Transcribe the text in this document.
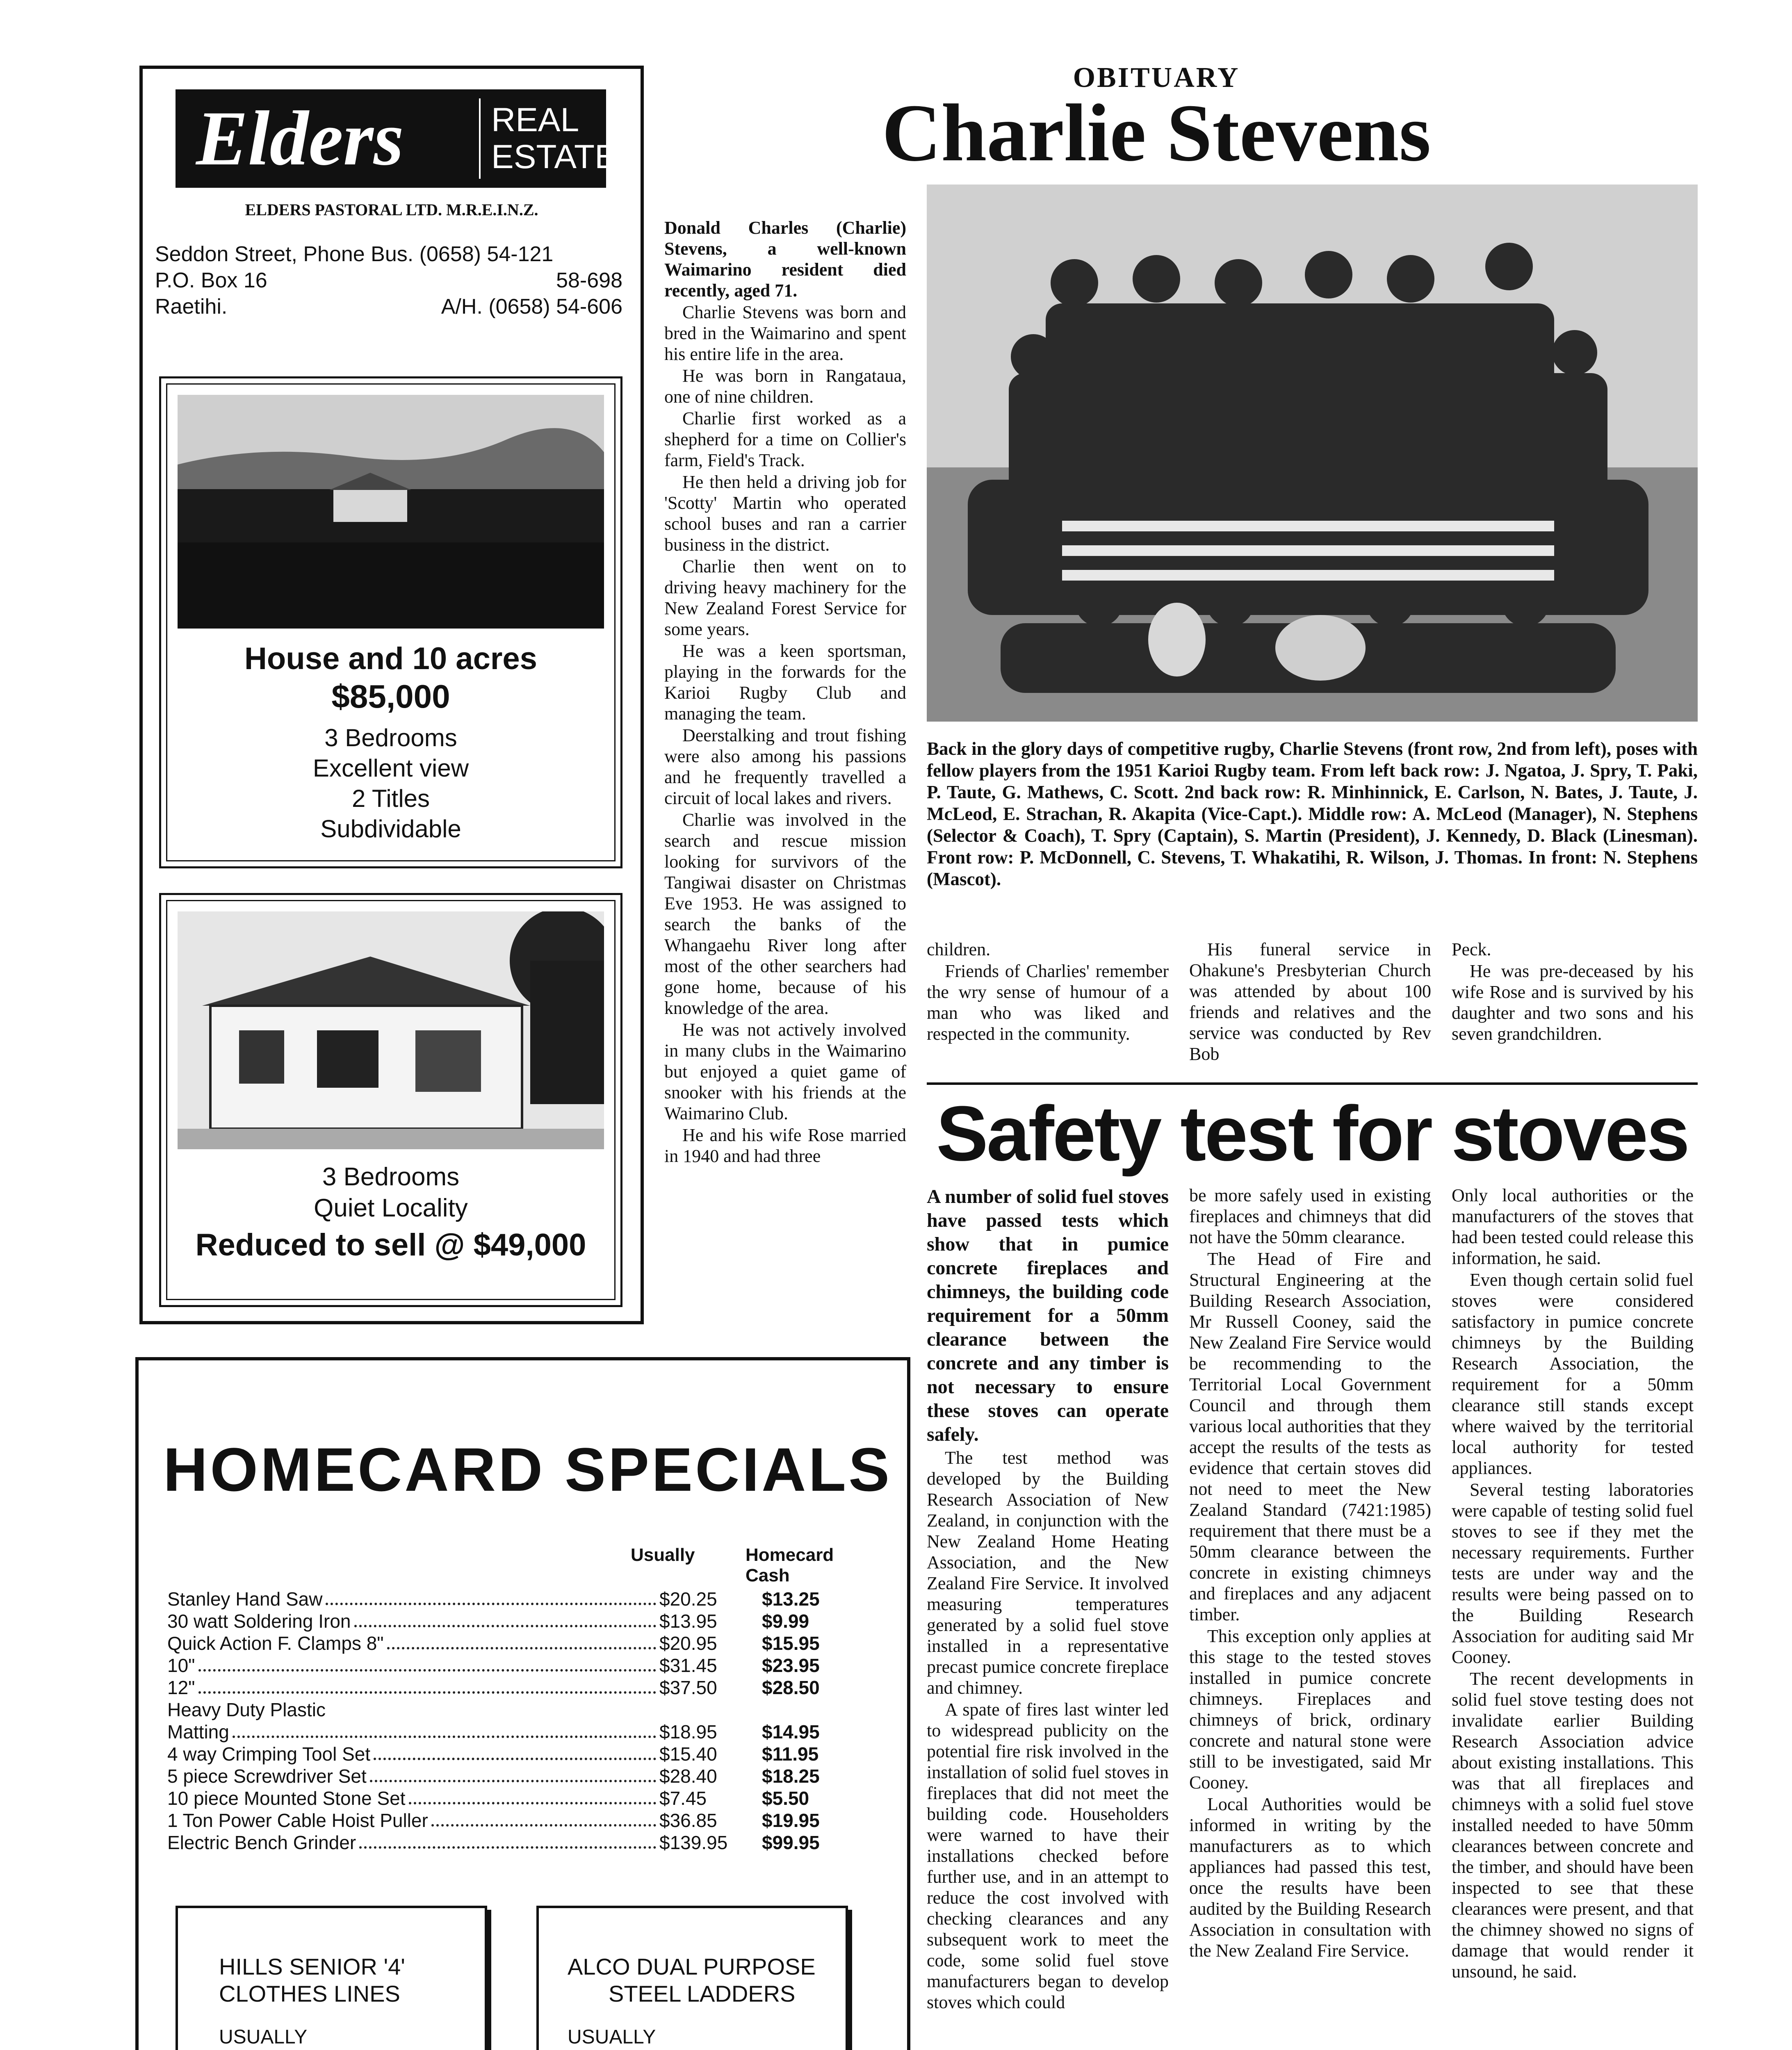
Elders	REAL
ESTATE
ELDERS PASTORAL LTD. M.R.E.I.N.Z.
Seddon Street, Phone Bus. (0658) 54-121
P.O. Box 16	58-698
Raetihi.	A/H. (0658) 54-606
House and 10 acres
$85,000
3 Bedrooms
Excellent view
2 Titles
Subdividable
3 Bedrooms
Quiet Locality
Reduced to sell @ $49,000
OBITUARY
Charlie Stevens

Donald Charles (Charlie) Stevens, a well-known Waimarino resident died recently, aged 71.

Charlie Stevens was born and bred in the Waimarino and spent his entire life in the area.

He was born in Rangataua, one of nine children.

Charlie first worked as a shepherd for a time on Collier's farm, Field's Track.

He then held a driving job for 'Scotty' Martin who operated school buses and ran a carrier business in the district.

Charlie then went on to driving heavy machinery for the New Zealand Forest Service for some years.

He was a keen sportsman, playing in the forwards for the Karioi Rugby Club and managing the team.

Deerstalking and trout fishing were also among his passions and he frequently travelled a circuit of local lakes and rivers.

Charlie was involved in the search and rescue mission looking for survivors of the Tangiwai disaster on Christmas Eve 1953. He was assigned to search the banks of the Whangaehu River long after most of the other searchers had gone home, because of his knowledge of the area.

He was not actively involved in many clubs in the Waimarino but enjoyed a quiet game of snooker with his friends at the Waimarino Club.

He and his wife Rose married in 1940 and had three

Back in the glory days of competitive rugby, Charlie Stevens (front row, 2nd from left), poses with fellow players from the 1951 Karioi Rugby team. From left back row: J. Ngatoa, J. Spry, T. Paki, P. Taute, G. Mathews, C. Scott. 2nd back row: R. Minhinnick, E. Carlson, N. Bates, J. Taute, J. McLeod, E. Strachan, R. Akapita (Vice-Capt.). Middle row: A. McLeod (Manager), N. Stephens (Selector & Coach), T. Spry (Captain), S. Martin (President), J. Kennedy, D. Black (Linesman). Front row: P. McDonnell, C. Stevens, T. Whakatihi, R. Wilson, J. Thomas. In front: N. Stephens (Mascot).

children.

Friends of Charlies' remember the wry sense of humour of a man who was liked and respected in the community.

His funeral service in Ohakune's Presbyterian Church was attended by about 100 friends and relatives and the service was conducted by Rev Bob

Peck.

He was pre-deceased by his wife Rose and is survived by his daughter and two sons and his seven grandchildren.

Safety test for stoves

A number of solid fuel stoves have passed tests which show that in pumice concrete fireplaces and chimneys, the building code requirement for a 50mm clearance between the concrete and any timber is not necessary to ensure these stoves can operate safely.

The test method was developed by the Building Research Association of New Zealand, in conjunction with the New Zealand Home Heating Association, and the New Zealand Fire Service. It involved measuring temperatures generated by a solid fuel stove installed in a representative precast pumice concrete fireplace and chimney.

A spate of fires last winter led to widespread publicity on the potential fire risk involved in the installation of solid fuel stoves in fireplaces that did not meet the building code. Householders were warned to have their installations checked before further use, and in an attempt to reduce the cost involved with checking clearances and any subsequent work to meet the code, some solid fuel stove manufacturers began to develop stoves which could

be more safely used in existing fireplaces and chimneys that did not have the 50mm clearance.

The Head of Fire and Structural Engineering at the Building Research Association, Mr Russell Cooney, said the New Zealand Fire Service would be recommending to the Territorial Local Government Council and through them various local authorities that they accept the results of the tests as evidence that certain stoves did not need to meet the New Zealand Standard (7421:1985) requirement that there must be a 50mm clearance between the concrete in existing chimneys and fireplaces and any adjacent timber.

This exception only applies at this stage to the tested stoves installed in pumice concrete chimneys. Fireplaces and chimneys of brick, ordinary concrete and natural stone were still to be investigated, said Mr Cooney.

Local Authorities would be informed in writing by the manufacturers as to which appliances had passed this test, once the results have been audited by the Building Research Association in consultation with the New Zealand Fire Service.

Only local authorities or the manufacturers of the stoves that had been tested could release this information, he said.

Even though certain solid fuel stoves were considered satisfactory in pumice concrete chimneys by the Building Research Association, the requirement for a 50mm clearance still stands except where waived by the territorial local authority for tested appliances.

Several testing laboratories were capable of testing solid fuel stoves to see if they met the necessary requirements. Further tests are under way and the results were being passed on to the Building Research Association for auditing said Mr Cooney.

The recent developments in solid fuel stove testing does not invalidate earlier Building Research Association advice about existing installations. This was that all fireplaces and chimneys with a solid fuel stove installed needed to have 50mm clearances between concrete and the timber, and should have been inspected to see that these clearances were present, and that the chimney showed no signs of damage that would render it unsound, he said.

HOMECARD SPECIALS
Usually	Homecard Cash
Stanley Hand Saw	$20.25	$13.25
30 watt Soldering Iron	$13.95	$9.99
Quick Action F. Clamps 8"	$20.95	$15.95
10"	$31.45	$23.95
12"	$37.50	$28.50
Heavy Duty Plastic
Matting	$18.95	$14.95
4 way Crimping Tool Set	$15.40	$11.95
5 piece Screwdriver Set	$28.40	$18.25
10 piece Mounted Stone Set	$7.45	$5.50
1 Ton Power Cable Hoist Puller	$36.85	$19.95
Electric Bench Grinder	$139.95	$99.95
HILLS SENIOR '4'
CLOTHES LINES
USUALLY
ALCO DUAL PURPOSE
STEEL LADDERS
USUALLY
